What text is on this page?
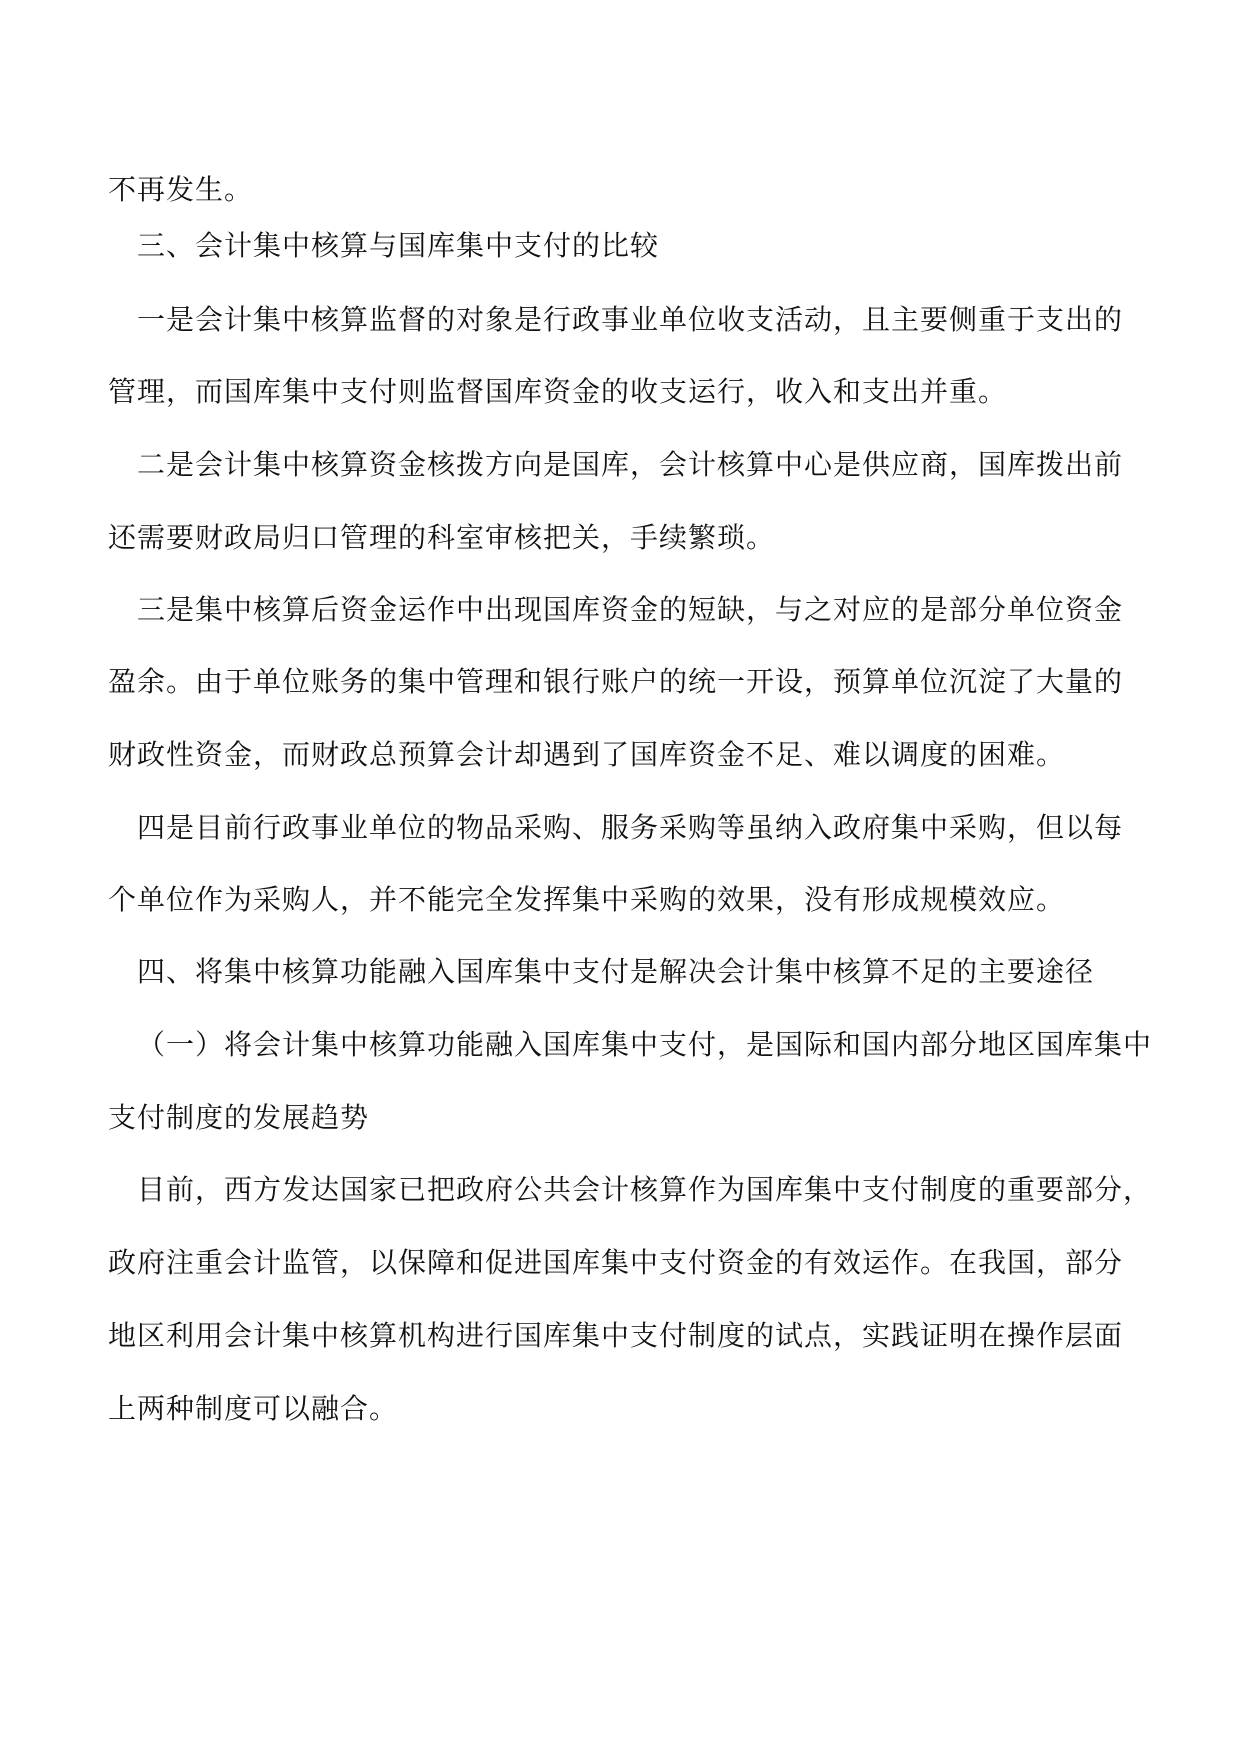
不再发生。
三、会计集中核算与国库集中支付的比较
一是会计集中核算监督的对象是行政事业单位收支活动，且主要侧重于支出的
管理，而国库集中支付则监督国库资金的收支运行，收入和支出并重。
二是会计集中核算资金核拨方向是国库，会计核算中心是供应商，国库拨出前
还需要财政局归口管理的科室审核把关，手续繁琐。
三是集中核算后资金运作中出现国库资金的短缺，与之对应的是部分单位资金
盈余。由于单位账务的集中管理和银行账户的统一开设，预算单位沉淀了大量的
财政性资金，而财政总预算会计却遇到了国库资金不足、难以调度的困难。
四是目前行政事业单位的物品采购、服务采购等虽纳入政府集中采购，但以每
个单位作为采购人，并不能完全发挥集中采购的效果，没有形成规模效应。
四、将集中核算功能融入国库集中支付是解决会计集中核算不足的主要途径
（一）将会计集中核算功能融入国库集中支付，是国际和国内部分地区国库集中
支付制度的发展趋势
目前，西方发达国家已把政府公共会计核算作为国库集中支付制度的重要部分，
政府注重会计监管，以保障和促进国库集中支付资金的有效运作。在我国，部分
地区利用会计集中核算机构进行国库集中支付制度的试点，实践证明在操作层面
上两种制度可以融合。
